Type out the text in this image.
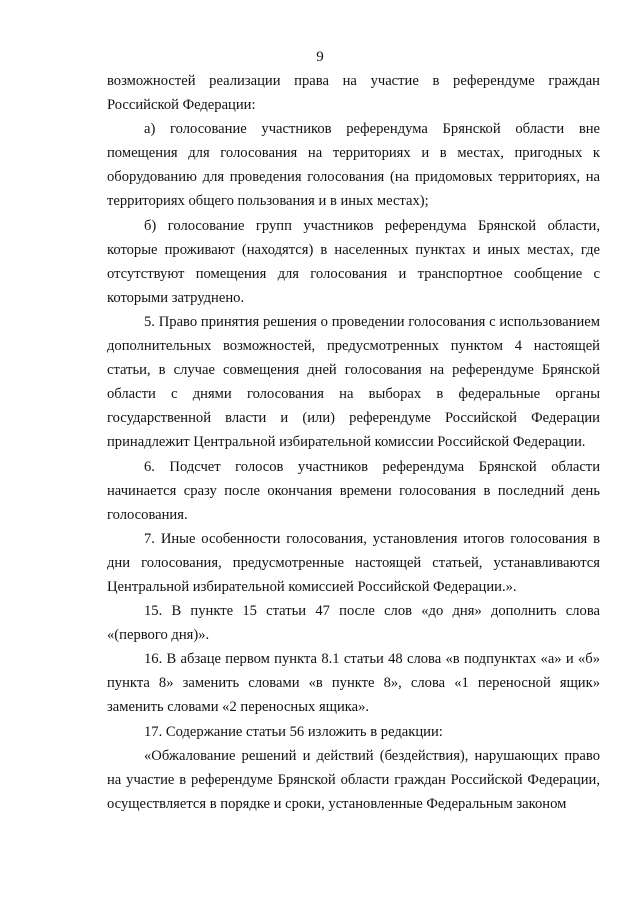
9

возможностей реализации права на участие в референдуме граждан Российской Федерации:

а) голосование участников референдума Брянской области вне помещения для голосования на территориях и в местах, пригодных к оборудованию для проведения голосования (на придомовых территориях, на территориях общего пользования и в иных местах);

б) голосование групп участников референдума Брянской области, которые проживают (находятся) в населенных пунктах и иных местах, где отсутствуют помещения для голосования и транспортное сообщение с которыми затруднено.

5. Право принятия решения о проведении голосования с использованием дополнительных возможностей, предусмотренных пунктом 4 настоящей статьи, в случае совмещения дней голосования на референдуме Брянской области с днями голосования на выборах в федеральные органы государственной власти и (или) референдуме Российской Федерации принадлежит Центральной избирательной комиссии Российской Федерации.

6. Подсчет голосов участников референдума Брянской области начинается сразу после окончания времени голосования в последний день голосования.

7. Иные особенности голосования, установления итогов голосования в дни голосования, предусмотренные настоящей статьей, устанавливаются Центральной избирательной комиссией Российской Федерации.».

15. В пункте 15 статьи 47 после слов «до дня» дополнить слова «(первого дня)».

16. В абзаце первом пункта 8.1 статьи 48 слова «в подпунктах «а» и «б» пункта 8» заменить словами «в пункте 8», слова «1 переносной ящик» заменить словами «2 переносных ящика».

17. Содержание статьи 56 изложить в редакции:

«Обжалование решений и действий (бездействия), нарушающих право на участие в референдуме Брянской области граждан Российской Федерации, осуществляется в порядке и сроки, установленные Федеральным законом
